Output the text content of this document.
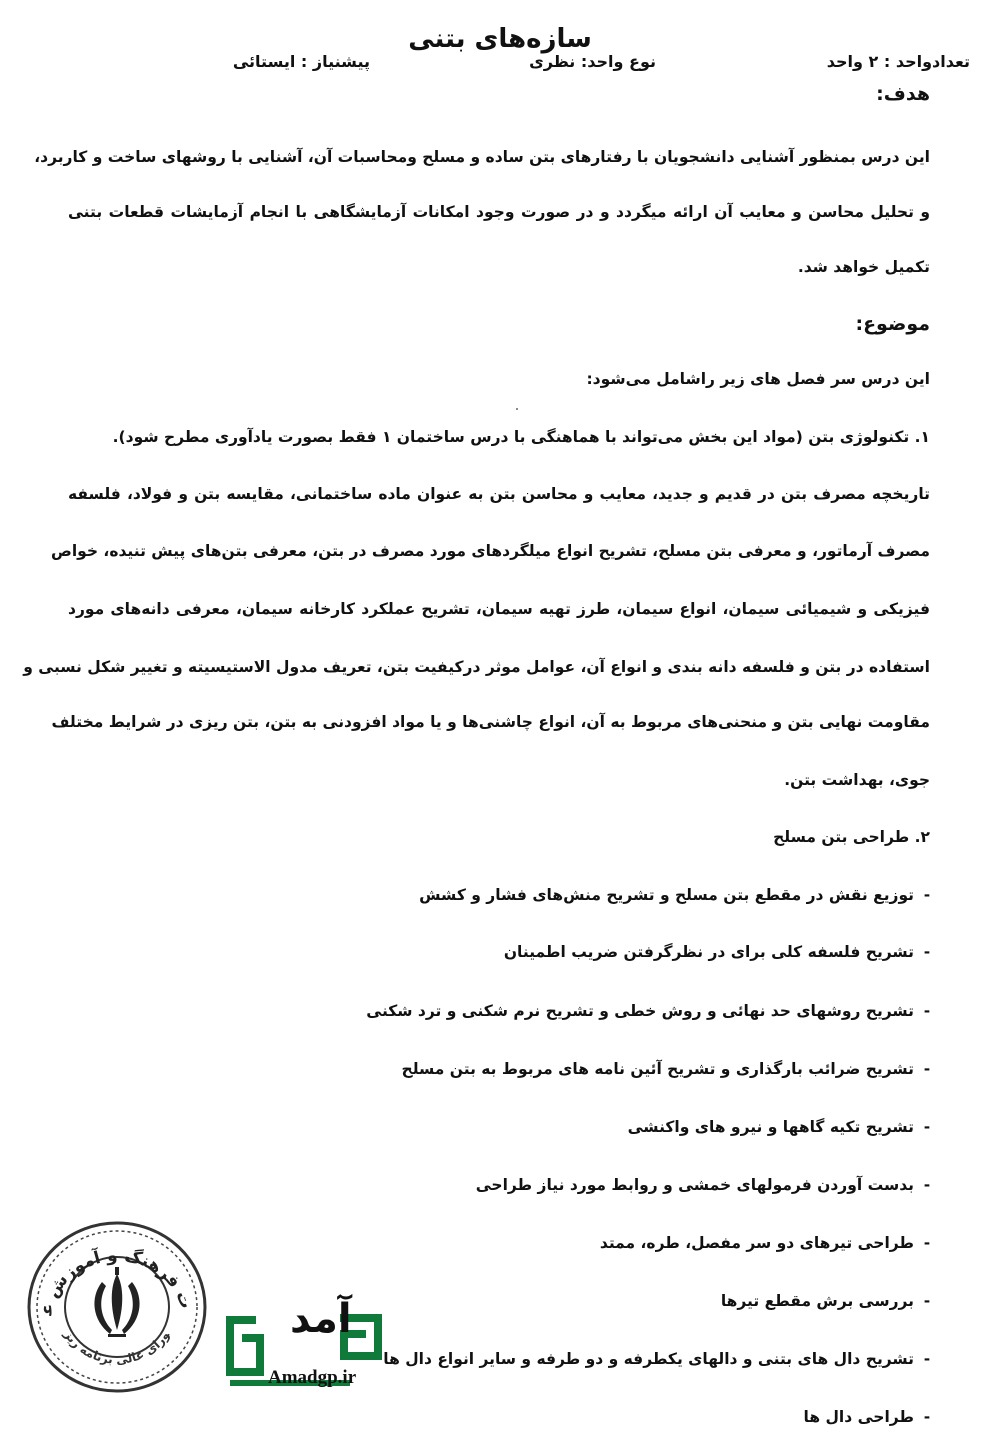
سازه‌های بتنی
تعدادواحد : ۲ واحد
نوع واحد: نظری
پیشنیاز : ایستائی
هدف:
این درس بمنظور آشنایی دانشجویان با رفتارهای بتن ساده و مسلح ومحاسبات آن، آشنایی با روشهای ساخت و کاربرد،
و تحلیل محاسن و معایب آن ارائه میگردد و در صورت وجود امکانات آزمایشگاهی با انجام آزمایشات قطعات بتنی
تکمیل خواهد شد.
موضوع:
این درس سر فصل های زیر راشامل می‌شود:
۱. تکنولوژی بتن (مواد این بخش می‌تواند با هماهنگی با درس ساختمان ۱ فقط بصورت یادآوری مطرح شود).
تاریخچه مصرف بتن در قدیم و جدید، معایب و محاسن بتن به عنوان ماده ساختمانی، مقایسه بتن و فولاد، فلسفه
مصرف آرماتور، و معرفی بتن مسلح، تشریح انواع میلگردهای مورد مصرف در بتن، معرفی بتن‌های پیش تنیده، خواص
فیزیکی و شیمیائی سیمان، انواع سیمان، طرز تهیه سیمان، تشریح عملکرد کارخانه سیمان، معرفی دانه‌های مورد
استفاده در بتن و فلسفه دانه بندی و انواع آن، عوامل موثر درکیفیت بتن، تعریف مدول الاستیسیته و تغییر شکل نسبی و
مقاومت نهایی بتن و منحنی‌های مربوط به آن، انواع چاشنی‌ها و یا مواد افزودنی به بتن، بتن ریزی در شرایط مختلف
جوی، بهداشت بتن.
۲. طراحی بتن مسلح
-توزیع نقش در مقطع بتن مسلح و تشریح منش‌های فشار و کشش
-تشریح فلسفه کلی برای در نظرگرفتن ضریب اطمینان
-تشریح روشهای حد نهائی و روش خطی و تشریح نرم شکنی و ترد شکنی
-تشریح ضرائب بارگذاری و تشریح آئین نامه های مربوط به بتن مسلح
-تشریح تکیه گاهها و نیرو های واکنشی
-بدست آوردن فرمولهای خمشی و روابط مورد نیاز طراحی
-طراحی تیرهای دو سر مفصل، طره، ممتد
-بررسی برش مقطع تیرها
-تشریح دال های بتنی و دالهای یکطرفه و دو طرفه و سایر انواع دال ها
-طراحی دال ها
ت فرهنگ و آموزش ع
ورای عالی برنامه ریز	آمد
Amadgp.ir
